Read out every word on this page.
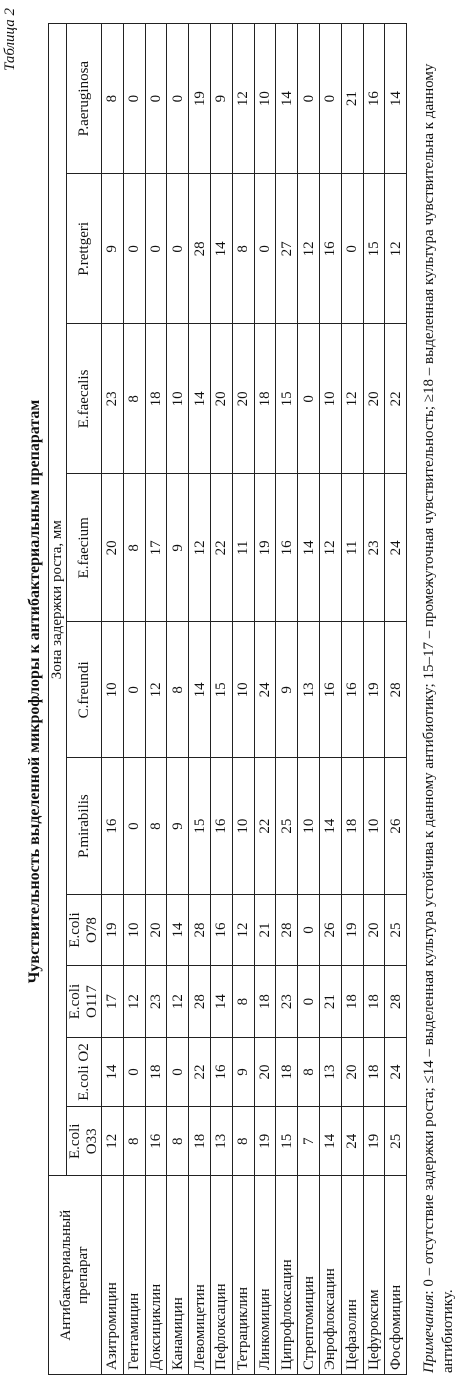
Таблица 2
Чувствительность выделенной микрофлоры к антибактериальным препаратам
Антибактериальный препарат	Зона задержки роста, мм									
	E.coli O33	E.coli O2	E.coli O117	E.coli O78	P.mirabilis	C.freundi	E.faecium	E.faecalis	P.rettgeri	P.aeruginosa
Азитромицин	12	14	17	19	16	10	20	23	9	8
Гентамицин	8	0	12	10	0	0	8	8	0	0
Доксициклин	16	18	23	20	8	12	17	18	0	0
Канамицин	8	0	12	14	9	8	9	10	0	0
Левомицетин	18	22	28	28	15	14	12	14	28	19
Пефлоксацин	13	16	14	16	16	15	22	20	14	9
Тетрациклин	8	9	8	12	10	10	11	20	8	12
Линкомицин	19	20	18	21	22	24	19	18	0	10
Ципрофлоксацин	15	18	23	28	25	9	16	15	27	14
Стрептомицин	7	8	0	0	10	13	14	0	12	0
Энрофлоксацин	14	13	21	26	14	16	12	10	16	0
Цефазолин	24	20	18	19	18	16	11	12	0	21
Цефуроксим	19	18	18	20	10	19	23	20	15	16
Фосфомицин	25	24	28	25	26	28	24	22	12	14
Примечания: 0 – отсутствие задержки роста; ≤14 – выделенная культура устойчива к данному антибиотику; 15–17 – промежуточная чувствительность; ≥18 – выделенная культура чувствительна к данному антибиотику.
